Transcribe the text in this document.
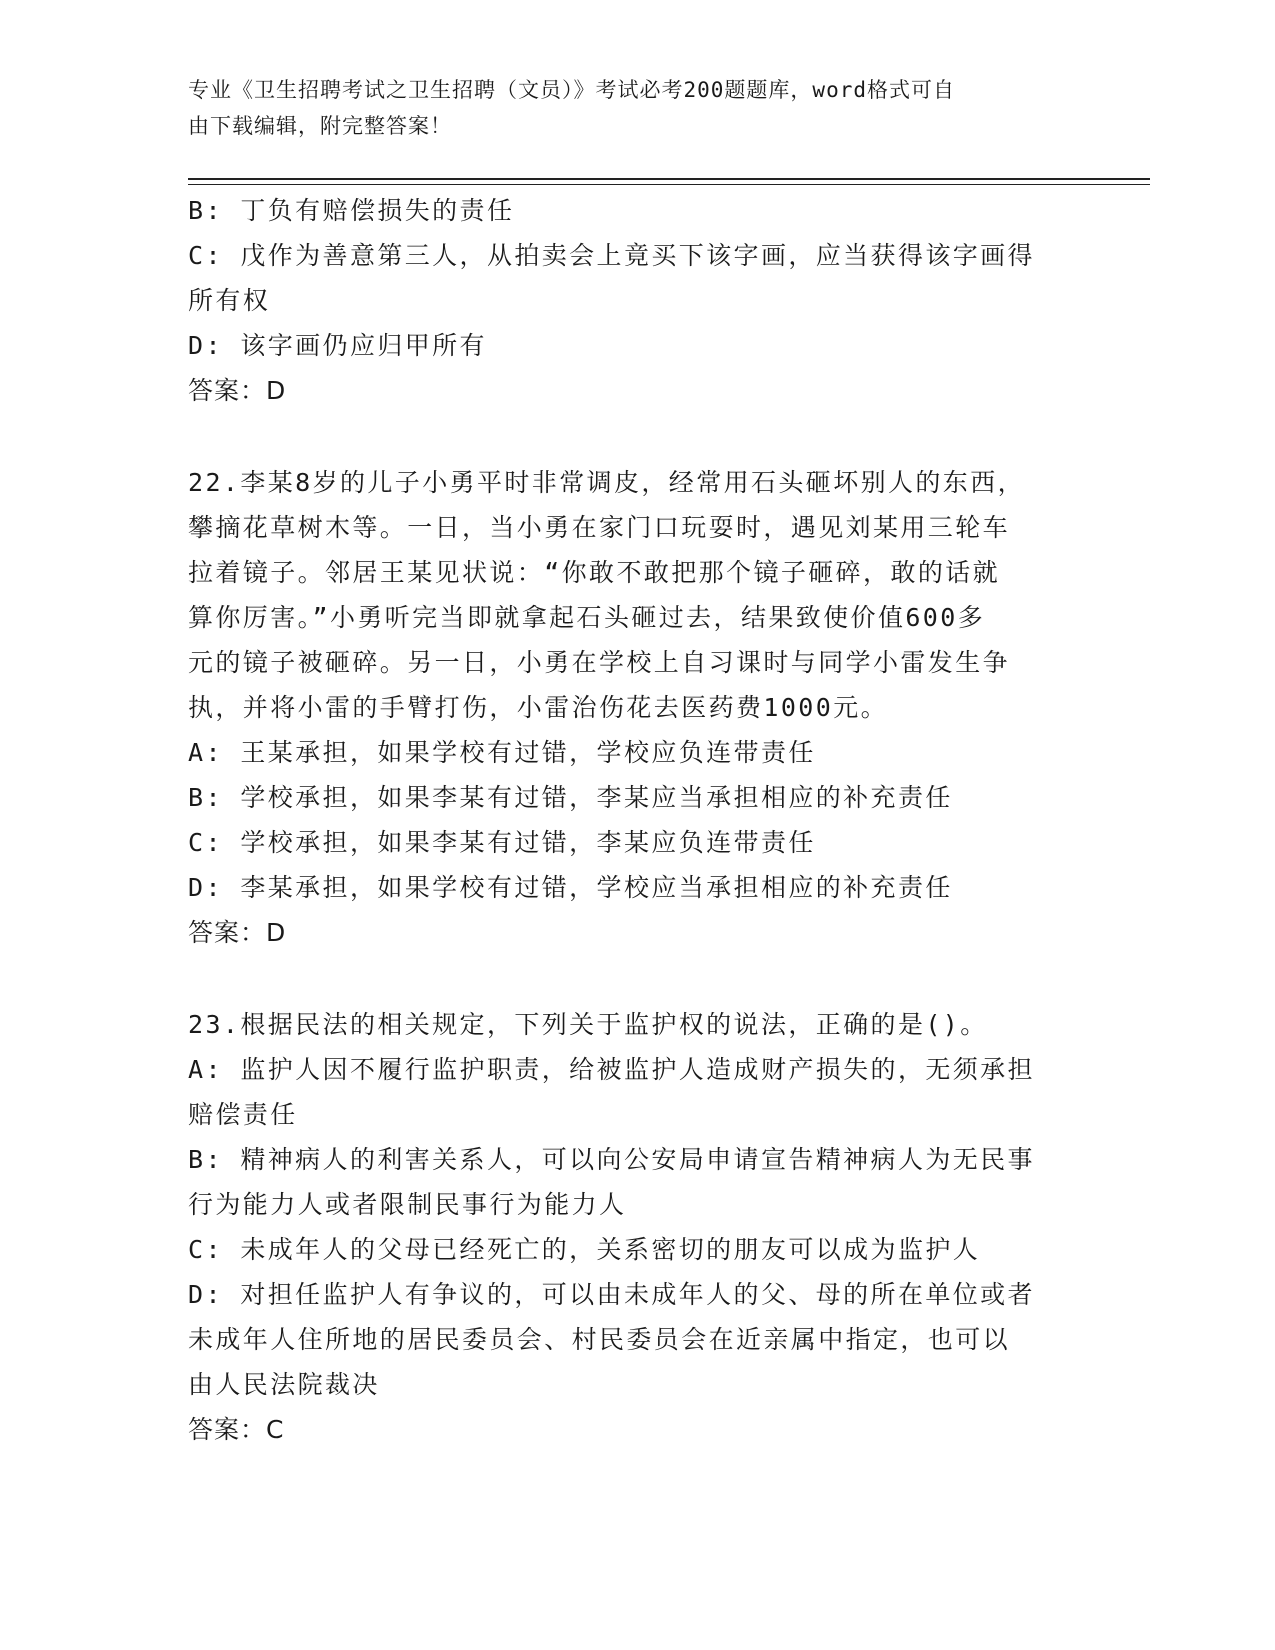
专业《卫生招聘考试之卫生招聘（文员）》考试必考200题题库，word格式可自
由下载编辑，附完整答案！
B: 丁负有赔偿损失的责任
C: 戊作为善意第三人，从拍卖会上竟买下该字画，应当获得该字画得
所有权
D: 该字画仍应归甲所有
答案：D
22.李某8岁的儿子小勇平时非常调皮，经常用石头砸坏别人的东西，
攀摘花草树木等。一日，当小勇在家门口玩耍时，遇见刘某用三轮车
拉着镜子。邻居王某见状说：“你敢不敢把那个镜子砸碎，敢的话就
算你厉害。”小勇听完当即就拿起石头砸过去，结果致使价值600多
元的镜子被砸碎。另一日，小勇在学校上自习课时与同学小雷发生争
执，并将小雷的手臂打伤，小雷治伤花去医药费1000元。
A: 王某承担，如果学校有过错，学校应负连带责任
B: 学校承担，如果李某有过错，李某应当承担相应的补充责任
C: 学校承担，如果李某有过错，李某应负连带责任
D: 李某承担，如果学校有过错，学校应当承担相应的补充责任
答案：D
23.根据民法的相关规定，下列关于监护权的说法，正确的是()。
A: 监护人因不履行监护职责，给被监护人造成财产损失的，无须承担
赔偿责任
B: 精神病人的利害关系人，可以向公安局申请宣告精神病人为无民事
行为能力人或者限制民事行为能力人
C: 未成年人的父母已经死亡的，关系密切的朋友可以成为监护人
D: 对担任监护人有争议的，可以由未成年人的父、母的所在单位或者
未成年人住所地的居民委员会、村民委员会在近亲属中指定，也可以
由人民法院裁决
答案：C
